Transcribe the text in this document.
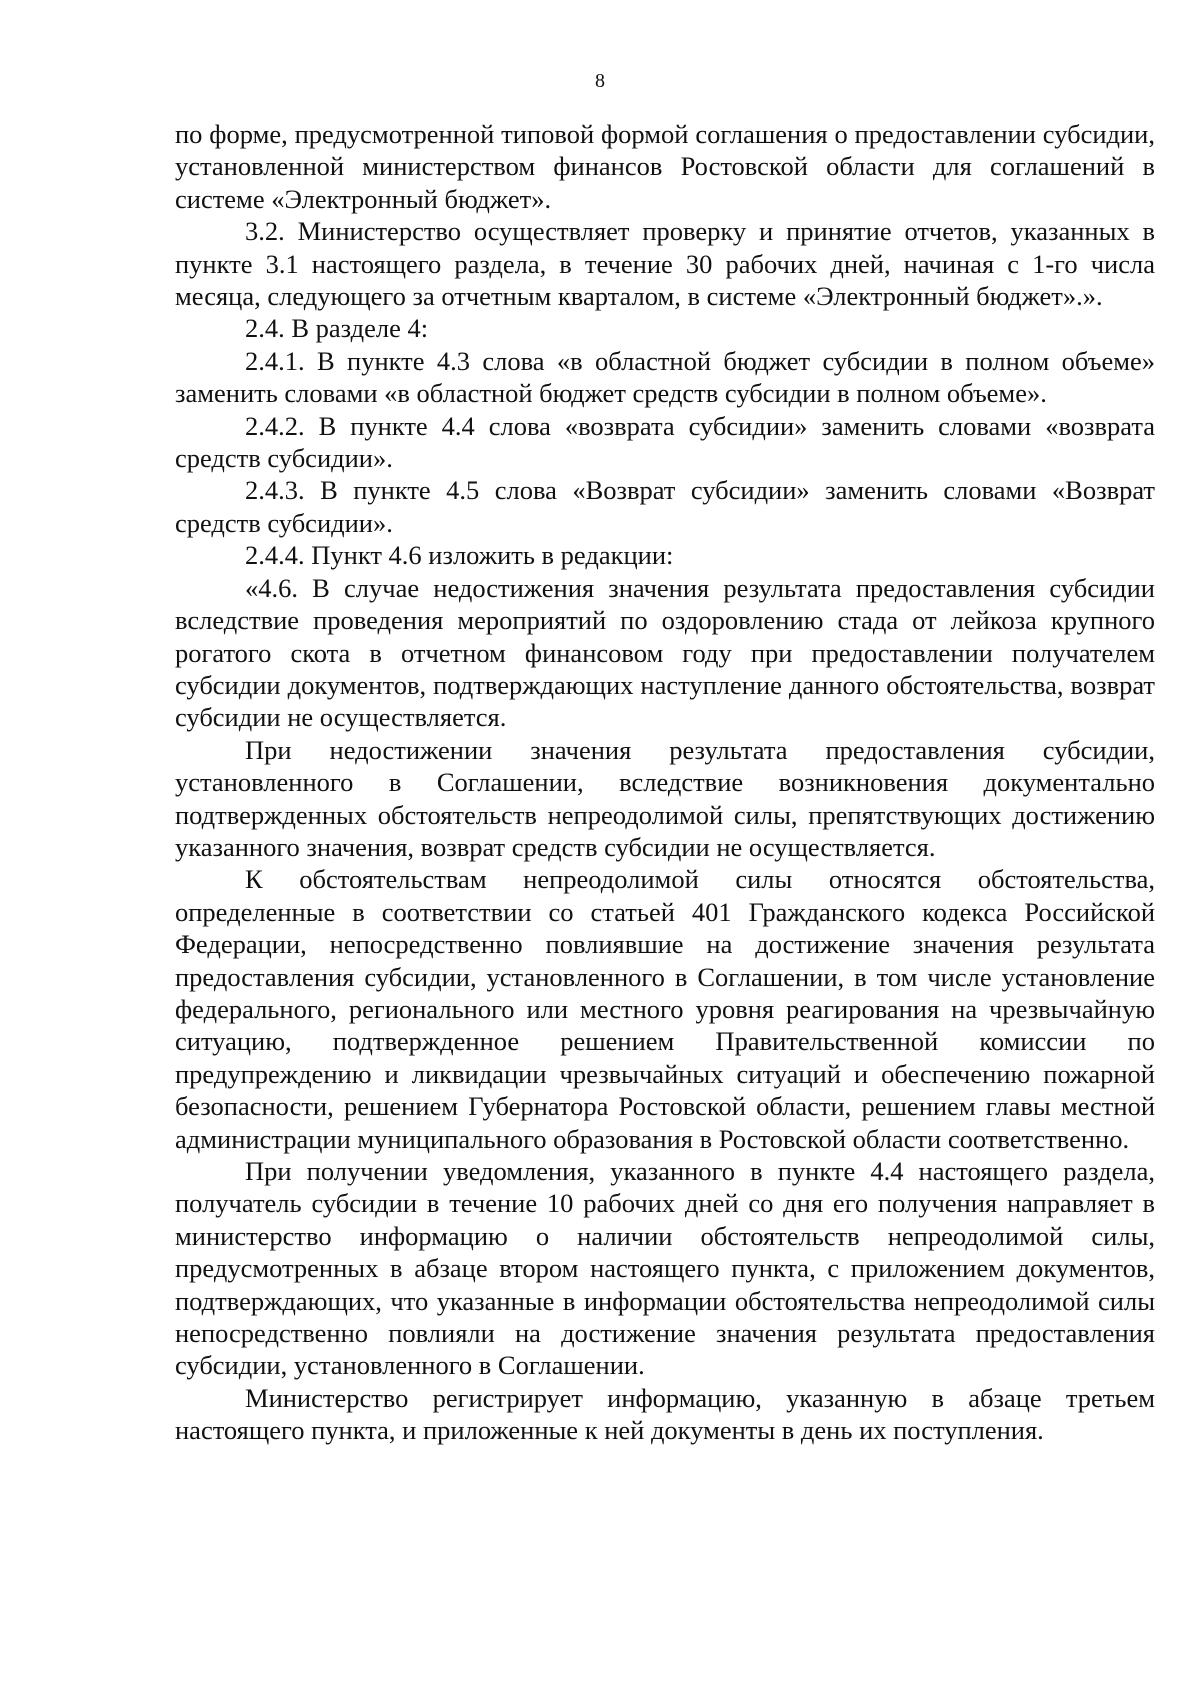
8

по форме, предусмотренной типовой формой соглашения о предоставлении субсидии, установленной министерством финансов Ростовской области для соглашений в системе «Электронный бюджет».

3.2. Министерство осуществляет проверку и принятие отчетов, указанных в пункте 3.1 настоящего раздела, в течение 30 рабочих дней, начиная с 1-го числа месяца, следующего за отчетным кварталом, в системе «Электронный бюджет».».

2.4. В разделе 4:

2.4.1. В пункте 4.3 слова «в областной бюджет субсидии в полном объеме» заменить словами «в областной бюджет средств субсидии в полном объеме».

2.4.2. В пункте 4.4 слова «возврата субсидии» заменить словами «возврата средств субсидии».

2.4.3. В пункте 4.5 слова «Возврат субсидии» заменить словами «Возврат средств субсидии».

2.4.4. Пункт 4.6 изложить в редакции:

«4.6. В случае недостижения значения результата предоставления субсидии вследствие проведения мероприятий по оздоровлению стада от лейкоза крупного рогатого скота в отчетном финансовом году при предоставлении получателем субсидии документов, подтверждающих наступление данного обстоятельства, возврат субсидии не осуществляется.

При недостижении значения результата предоставления субсидии, установленного в Соглашении, вследствие возникновения документально подтвержденных обстоятельств непреодолимой силы, препятствующих достижению указанного значения, возврат средств субсидии не осуществляется.

К обстоятельствам непреодолимой силы относятся обстоятельства, определенные в соответствии со статьей 401 Гражданского кодекса Российской Федерации, непосредственно повлиявшие на достижение значения результата предоставления субсидии, установленного в Соглашении, в том числе установление федерального, регионального или местного уровня реагирования на чрезвычайную ситуацию, подтвержденное решением Правительственной комиссии по предупреждению и ликвидации чрезвычайных ситуаций и обеспечению пожарной безопасности, решением Губернатора Ростовской области, решением главы местной администрации муниципального образования в Ростовской области соответственно.

При получении уведомления, указанного в пункте 4.4 настоящего раздела, получатель субсидии в течение 10 рабочих дней со дня его получения направляет в министерство информацию о наличии обстоятельств непреодолимой силы, предусмотренных в абзаце втором настоящего пункта, с приложением документов, подтверждающих, что указанные в информации обстоятельства непреодолимой силы непосредственно повлияли на достижение значения результата предоставления субсидии, установленного в Соглашении.

Министерство регистрирует информацию, указанную в абзаце третьем настоящего пункта, и приложенные к ней документы в день их поступления.
